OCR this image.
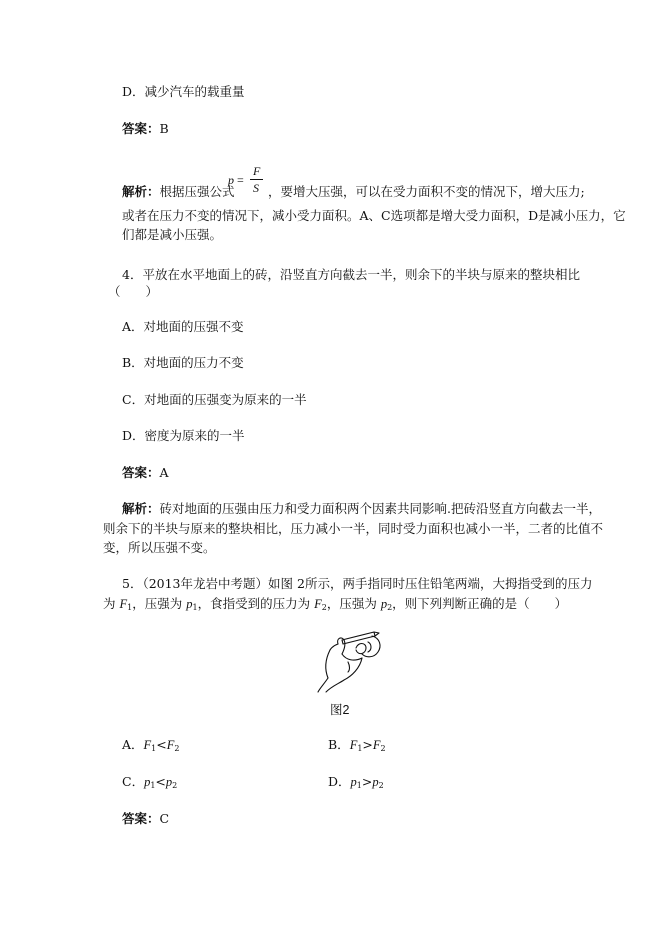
D．减少汽车的载重量
答案：B
解析：根据压强公式
p =
F
S ，要增大压强，可以在受力面积不变的情况下，增大压力;
或者在压力不变的情况下，减小受力面积。A、C选项都是增大受力面积，D是减小压力，它
们都是减小压强。
4．平放在水平地面上的砖，沿竖直方向截去一半，则余下的半块与原来的整块相比
（　　）
A．对地面的压强不变
B．对地面的压力不变
C．对地面的压强变为原来的一半
D．密度为原来的一半
答案：A
解析：砖对地面的压强由压力和受力面积两个因素共同影响.把砖沿竖直方向截去一半，
则余下的半块与原来的整块相比，压力减小一半，同时受力面积也减小一半，二者的比值不
变，所以压强不变。
5．（2013年龙岩中考题）如图 2所示，两手指同时压住铅笔两端，大拇指受到的压力
为 $F_1$，压强为 $p_1$，食指受到的压力为 $F_2$，压强为 $p_2$，则下列判断正确的是（　　）
图2
A．$F_1<F_2$	B．$F_1>F_2$
C．$p_1<p_2$	D．$p_1>p_2$
答案：C
